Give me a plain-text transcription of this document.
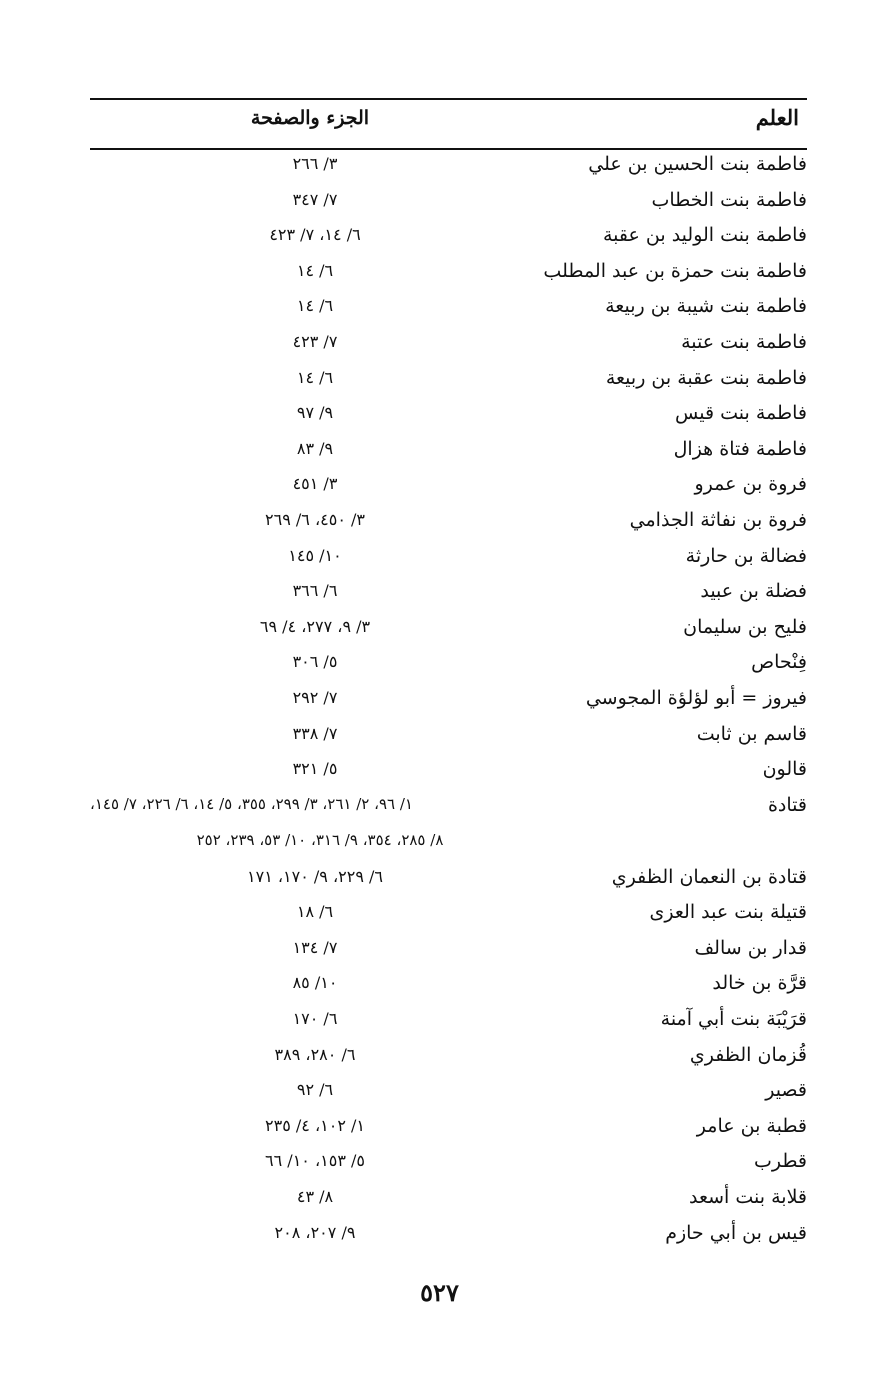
العلم
الجزء والصفحة
فاطمة بنت الحسين بن علي
٣/ ٢٦٦
فاطمة بنت الخطاب
٧/ ٣٤٧
فاطمة بنت الوليد بن عقبة
٦/ ١٤، ٧/ ٤٢٣
فاطمة بنت حمزة بن عبد المطلب
٦/ ١٤
فاطمة بنت شيبة بن ربيعة
٦/ ١٤
فاطمة بنت عتبة
٧/ ٤٢٣
فاطمة بنت عقبة بن ربيعة
٦/ ١٤
فاطمة بنت قيس
٩/ ٩٧
فاطمة فتاة هزال
٩/ ٨٣
فروة بن عمرو
٣/ ٤٥١
فروة بن نفاثة الجذامي
٣/ ٤٥٠، ٦/ ٢٦٩
فضالة بن حارثة
١٠/ ١٤٥
فضلة بن عبيد
٦/ ٣٦٦
فليح بن سليمان
٣/ ٩، ٢٧٧، ٤/ ٦٩
فِنْحاص
٥/ ٣٠٦
فيروز = أبو لؤلؤة المجوسي
٧/ ٢٩٢
قاسم بن ثابت
٧/ ٣٣٨
قالون
٥/ ٣٢١
قتادة
١/ ٩٦، ٢/ ٢٦١، ٣/ ٢٩٩، ٣٥٥، ٥/ ١٤، ٦/ ٢٢٦، ٧/ ١٤٥،
٨/ ٢٨٥، ٣٥٤، ٩/ ٣١٦، ١٠/ ٥٣، ٢٣٩، ٢٥٢
قتادة بن النعمان الظفري
٦/ ٢٢٩، ٩/ ١٧٠، ١٧١
قتيلة بنت عبد العزى
٦/ ١٨
قدار بن سالف
٧/ ١٣٤
قرَّة بن خالد
١٠/ ٨٥
قرَيْبَة بنت أبي آمنة
٦/ ١٧٠
قُزمان الظفري
٦/ ٢٨٠، ٣٨٩
قصير
٦/ ٩٢
قطبة بن عامر
١/ ١٠٢، ٤/ ٢٣٥
قطرب
٥/ ١٥٣، ١٠/ ٦٦
قلابة بنت أسعد
٨/ ٤٣
قيس بن أبي حازم
٩/ ٢٠٧، ٢٠٨
٥٢٧
